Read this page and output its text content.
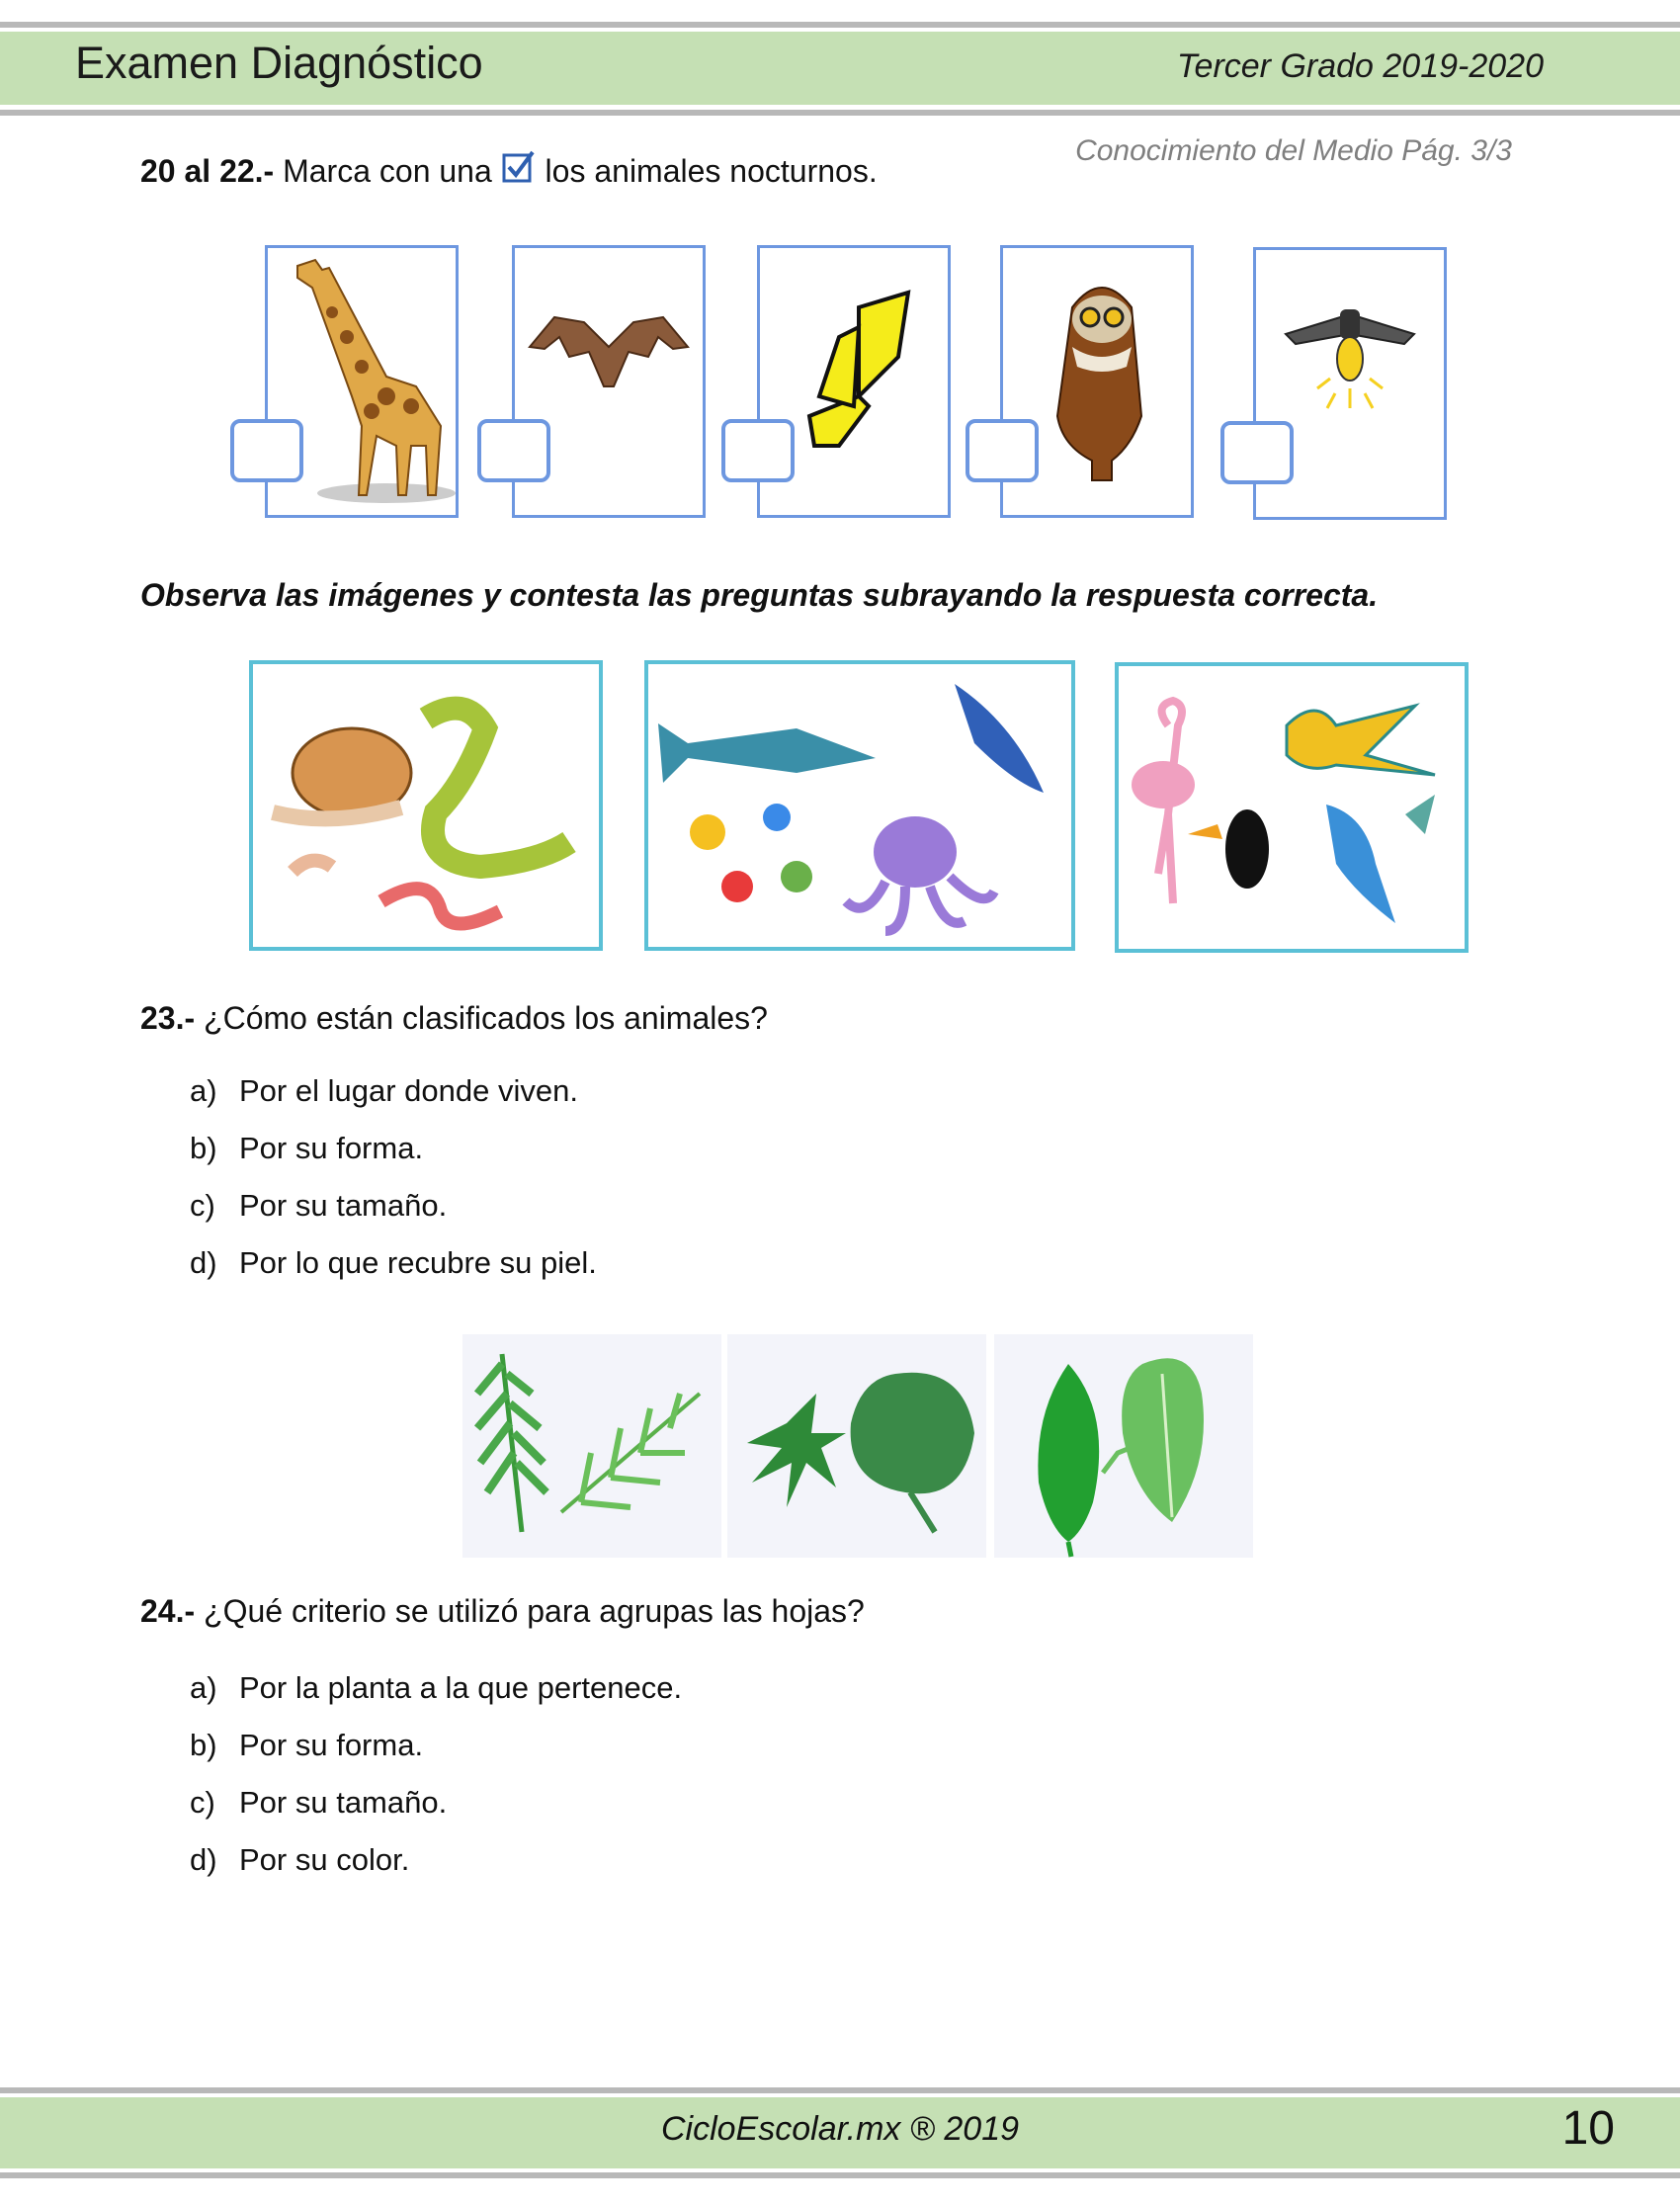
Examen Diagnóstico	Tercer Grado 2019-2020
Conocimiento del Medio Pág. 3/3
20 al 22.- Marca con una los animales nocturnos.
Observa las imágenes y contesta las preguntas subrayando la respuesta correcta.
23.- ¿Cómo están clasificados los animales?
a) Por el lugar donde viven.
b) Por su forma.
c) Por su tamaño.
d) Por lo que recubre su piel.
24.- ¿Qué criterio se utilizó para agrupas las hojas?
a) Por la planta a la que pertenece.
b) Por su forma.
c) Por su tamaño.
d) Por su color.
CicloEscolar.mx ® 2019	10
